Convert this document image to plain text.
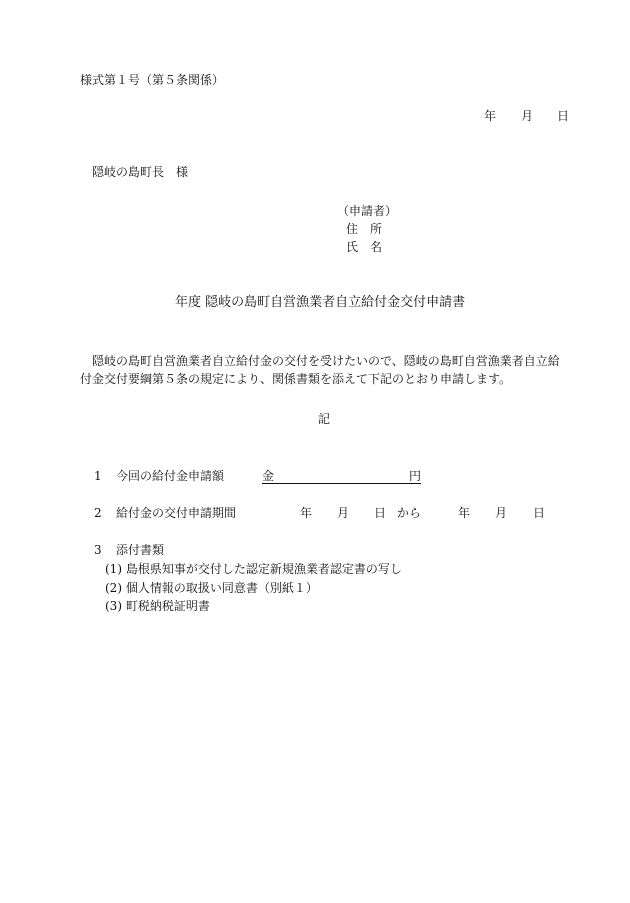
様式第１号（第５条関係）
年 月 日
隠岐の島町長　様
（申請者）
住　所
氏　名
年度 隠岐の島町自営漁業者自立給付金交付申請書
隠岐の島町自営漁業者自立給付金の交付を受けたいので、隠岐の島町自営漁業者自立給
付金交付要綱第５条の規定により、関係書類を添えて下記のとおり申請します。
記
1 今回の給付金申請額	金	円
2 給付金の交付申請期間	年 月 日 から	年 月 日
3 添付書類
(1) 島根県知事が交付した認定新規漁業者認定書の写し
(2) 個人情報の取扱い同意書（別紙１）
(3) 町税納税証明書
